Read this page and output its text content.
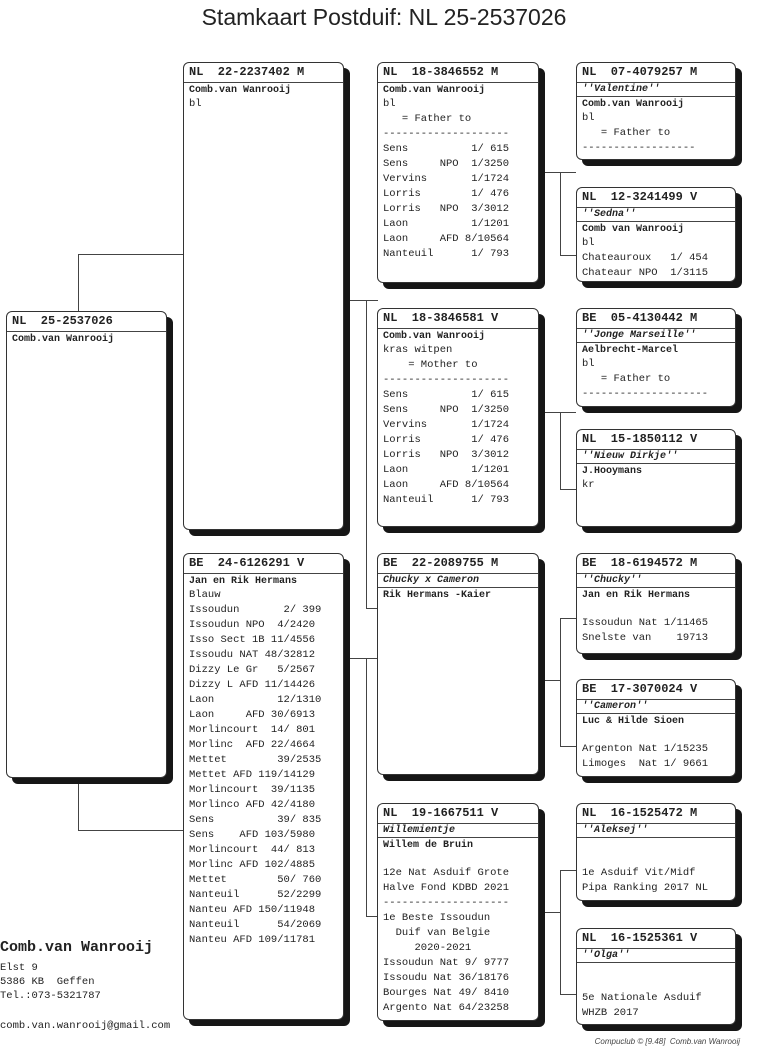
Stamkaart Postduif: NL 25-2537026
NL  25-2537026
Comb.van Wanrooij
NL  22-2237402 M
Comb.van Wanrooij
bl
BE  24-6126291 V
Jan en Rik Hermans
Blauw
Issoudun       2/ 399
Issoudun NPO  4/2420
Isso Sect 1B 11/4556
Issoudu NAT 48/32812
Dizzy Le Gr   5/2567
Dizzy L AFD 11/14426
Laon          12/1310
Laon     AFD 30/6913
Morlincourt  14/ 801
Morlinc  AFD 22/4664
Mettet        39/2535
Mettet AFD 119/14129
Morlincourt  39/1135
Morlinco AFD 42/4180
Sens          39/ 835
Sens    AFD 103/5980
Morlincourt  44/ 813
Morlinc AFD 102/4885
Mettet        50/ 760
Nanteuil      52/2299
Nanteu AFD 150/11948
Nanteuil      54/2069
Nanteu AFD 109/11781
NL  18-3846552 M
Comb.van Wanrooij
bl
= Father to
--------------------
Sens          1/ 615
Sens     NPO  1/3250
Vervins       1/1724
Lorris        1/ 476
Lorris   NPO  3/3012
Laon          1/1201
Laon     AFD 8/10564
Nanteuil      1/ 793
NL  18-3846581 V
Comb.van Wanrooij
kras witpen
= Mother to
--------------------
Sens          1/ 615
Sens     NPO  1/3250
Vervins       1/1724
Lorris        1/ 476
Lorris   NPO  3/3012
Laon          1/1201
Laon     AFD 8/10564
Nanteuil      1/ 793
BE  22-2089755 M
Chucky x Cameron
Rik Hermans -Kaier
NL  19-1667511 V
Willemientje
Willem de Bruin
12e Nat Asduif Grote
Halve Fond KDBD 2021
--------------------
1e Beste Issoudun
Duif van Belgie
2020-2021
Issoudun Nat 9/ 9777
Issoudu Nat 36/18176
Bourges Nat 49/ 8410
Argento Nat 64/23258
NL  07-4079257 M
''Valentine''
Comb.van Wanrooij
bl
= Father to
------------------
NL  12-3241499 V
''Sedna''
Comb van Wanrooij
bl
Chateauroux   1/ 454
Chateaur NPO  1/3115
BE  05-4130442 M
''Jonge Marseille''
Aelbrecht-Marcel
bl
= Father to
--------------------
NL  15-1850112 V
''Nieuw Dirkje''
J.Hooymans
kr
BE  18-6194572 M
''Chucky''
Jan en Rik Hermans
Issoudun Nat 1/11465
Snelste van    19713
BE  17-3070024 V
''Cameron''
Luc & Hilde Sioen
Argenton Nat 1/15235
Limoges  Nat 1/ 9661
NL  16-1525472 M
''Aleksej''
1e Asduif Vit/Midf
Pipa Ranking 2017 NL
NL  16-1525361 V
''Olga''
5e Nationale Asduif
WHZB 2017
Comb.van Wanrooij
Elst 9
5386 KB  Geffen
Tel.:073-5321787
comb.van.wanrooij@gmail.com
Compuclub © [9.48]  Comb.van Wanrooij
